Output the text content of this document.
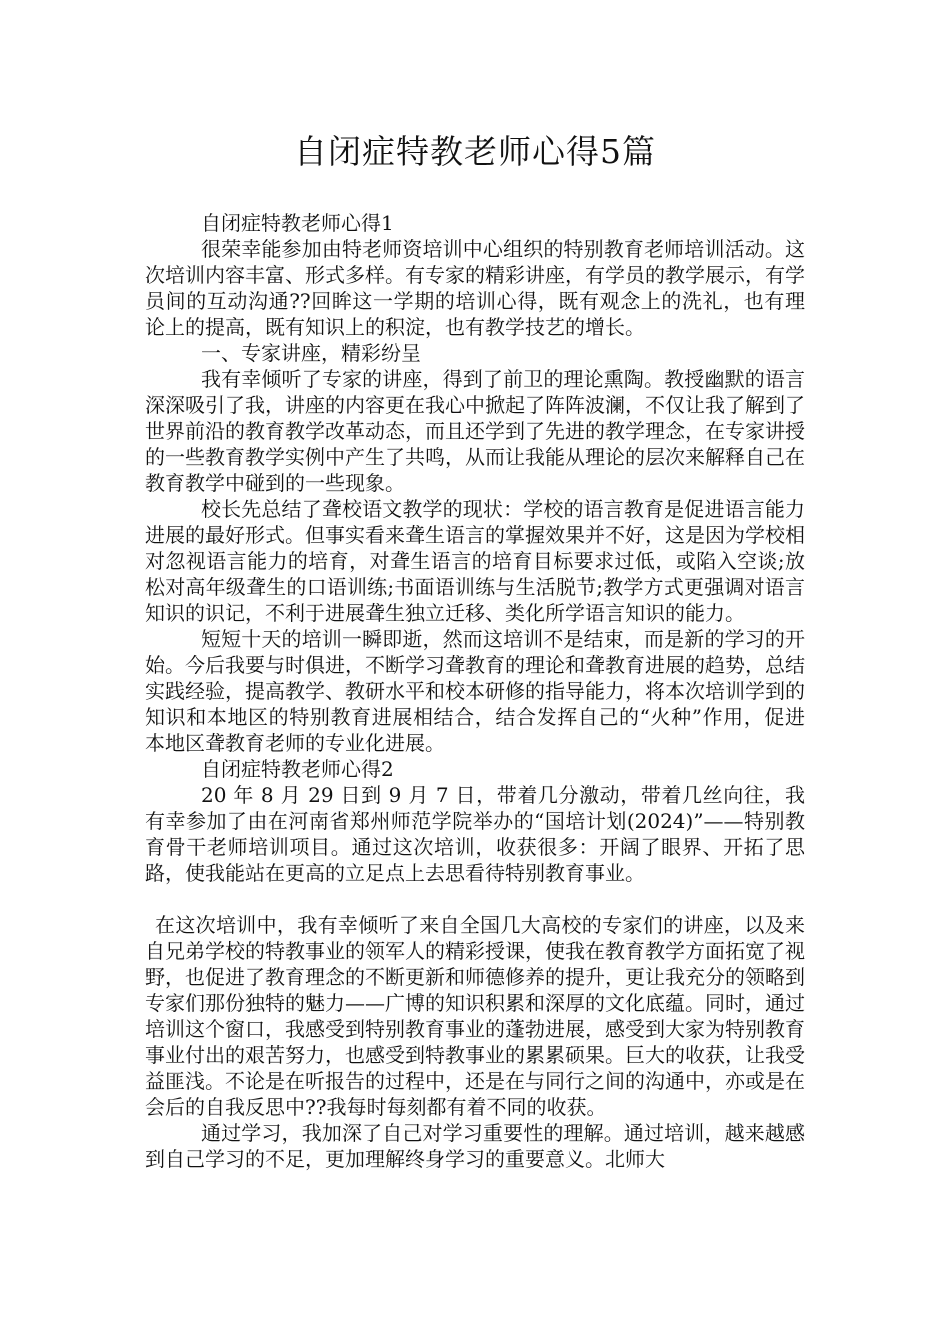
自闭症特教老师心得5篇

自闭症特教老师心得1

很荣幸能参加由特老师资培训中心组织的特别教育老师培训活动。这次培训内容丰富、形式多样。有专家的精彩讲座，有学员的教学展示，有学员间的互动沟通??回眸这一学期的培训心得，既有观念上的洗礼，也有理论上的提高，既有知识上的积淀，也有教学技艺的增长。

一、专家讲座，精彩纷呈

我有幸倾听了专家的讲座，得到了前卫的理论熏陶。教授幽默的语言深深吸引了我，讲座的内容更在我心中掀起了阵阵波澜，不仅让我了解到了世界前沿的教育教学改革动态，而且还学到了先进的教学理念，在专家讲授的一些教育教学实例中产生了共鸣，从而让我能从理论的层次来解释自己在教育教学中碰到的一些现象。

校长先总结了聋校语文教学的现状：学校的语言教育是促进语言能力进展的最好形式。但事实看来聋生语言的掌握效果并不好，这是因为学校相对忽视语言能力的培育，对聋生语言的培育目标要求过低，或陷入空谈;放松对高年级聋生的口语训练;书面语训练与生活脱节;教学方式更强调对语言知识的识记，不利于进展聋生独立迁移、类化所学语言知识的能力。

短短十天的培训一瞬即逝，然而这培训不是结束，而是新的学习的开始。今后我要与时俱进，不断学习聋教育的理论和聋教育进展的趋势，总结实践经验，提高教学、教研水平和校本研修的指导能力，将本次培训学到的知识和本地区的特别教育进展相结合，结合发挥自己的“火种”作用，促进本地区聋教育老师的专业化进展。

自闭症特教老师心得2

20 年 8 月 29 日到 9 月 7 日，带着几分激动，带着几丝向往，我有幸参加了由在河南省郑州师范学院举办的“国培计划(2024)”——特别教育骨干老师培训项目。通过这次培训，收获很多：开阔了眼界、开拓了思路，使我能站在更高的立足点上去思看待特别教育事业。

在这次培训中，我有幸倾听了来自全国几大高校的专家们的讲座，以及来自兄弟学校的特教事业的领军人的精彩授课，使我在教育教学方面拓宽了视野，也促进了教育理念的不断更新和师德修养的提升，更让我充分的领略到专家们那份独特的魅力——广博的知识积累和深厚的文化底蕴。同时，通过培训这个窗口，我感受到特别教育事业的蓬勃进展，感受到大家为特别教育事业付出的艰苦努力，也感受到特教事业的累累硕果。巨大的收获，让我受益匪浅。不论是在听报告的过程中，还是在与同行之间的沟通中，亦或是在会后的自我反思中??我每时每刻都有着不同的收获。

通过学习，我加深了自己对学习重要性的理解。通过培训，越来越感到自己学习的不足，更加理解终身学习的重要意义。北师大
